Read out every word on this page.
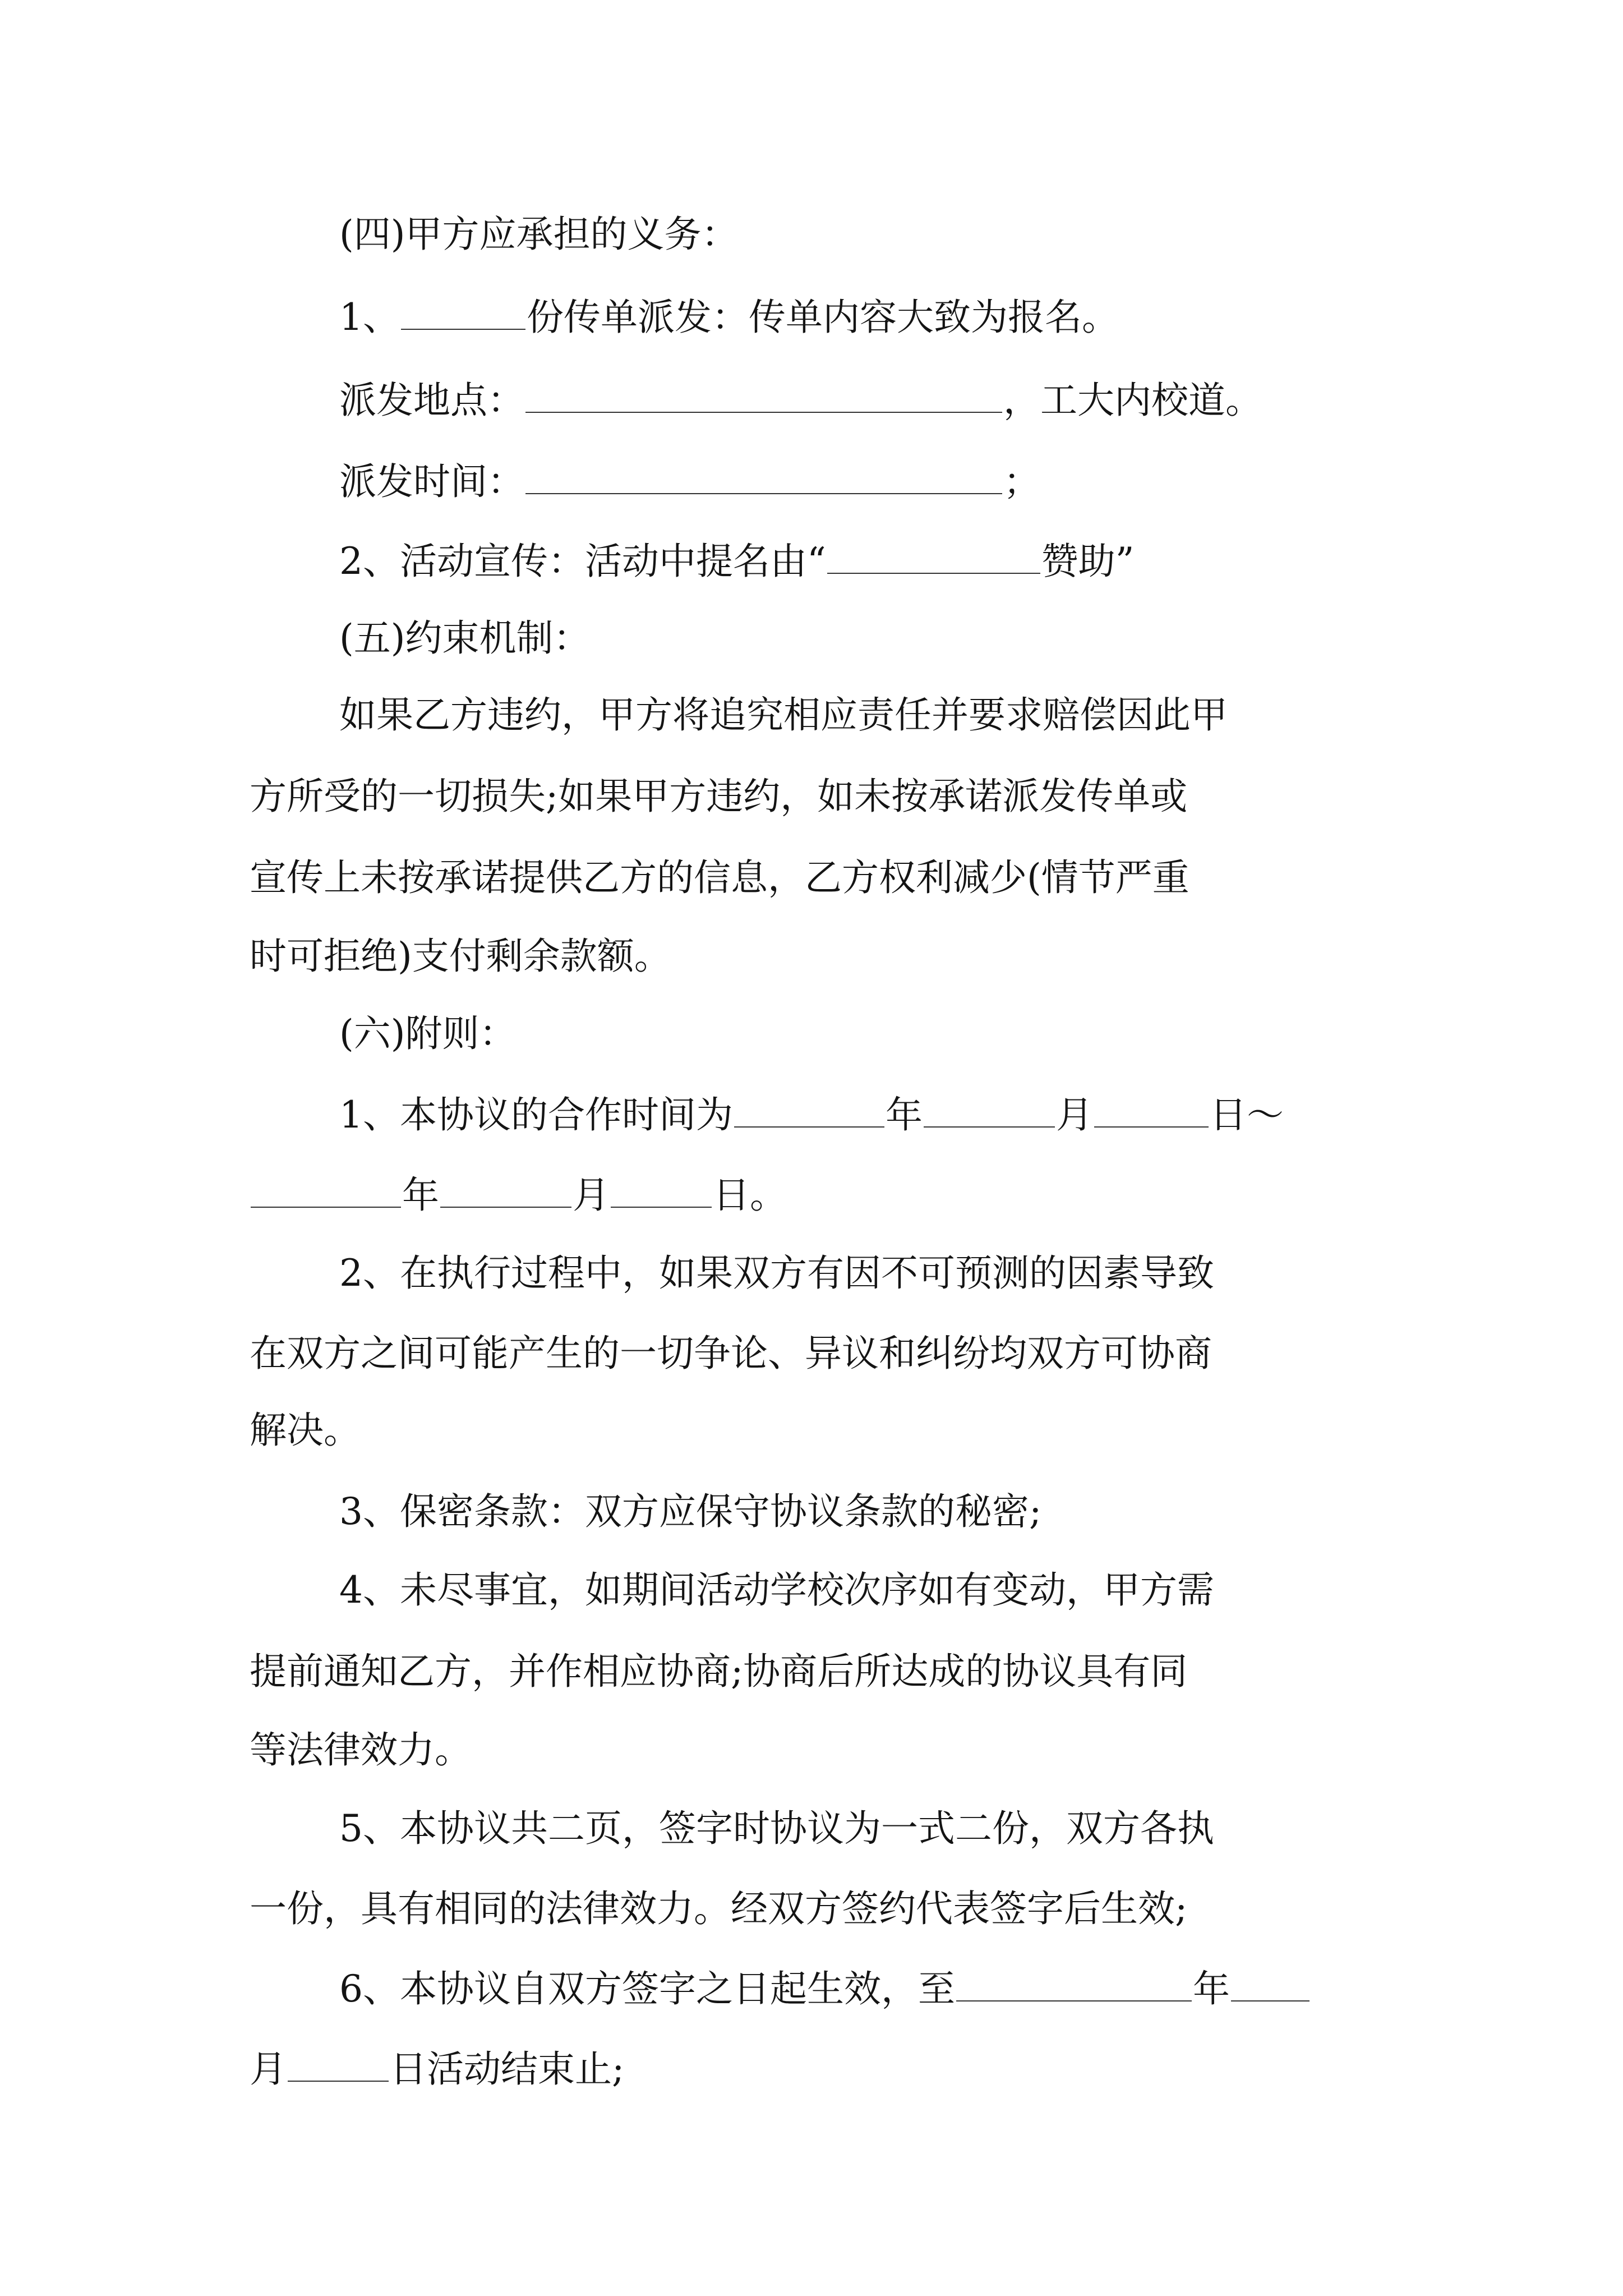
(四)甲方应承担的义务：
1、	份传单派发：传单内容大致为报名。
派发地点：	，工大内校道。
派发时间：	；
2、活动宣传：活动中提名由“	赞助”
(五)约束机制：
如果乙方违约，甲方将追究相应责任并要求赔偿因此甲
方所受的一切损失;如果甲方违约，如未按承诺派发传单或
宣传上未按承诺提供乙方的信息，乙方权利减少(情节严重
时可拒绝)支付剩余款额。
(六)附则：
1、本协议的合作时间为	年	月	日～
年	月	日。
2、在执行过程中，如果双方有因不可预测的因素导致
在双方之间可能产生的一切争论、异议和纠纷均双方可协商
解决。
3、保密条款：双方应保守协议条款的秘密;
4、未尽事宜，如期间活动学校次序如有变动，甲方需
提前通知乙方，并作相应协商;协商后所达成的协议具有同
等法律效力。
5、本协议共二页，签字时协议为一式二份，双方各执
一份，具有相同的法律效力。经双方签约代表签字后生效;
6、本协议自双方签字之日起生效，至	年
月	日活动结束止;
